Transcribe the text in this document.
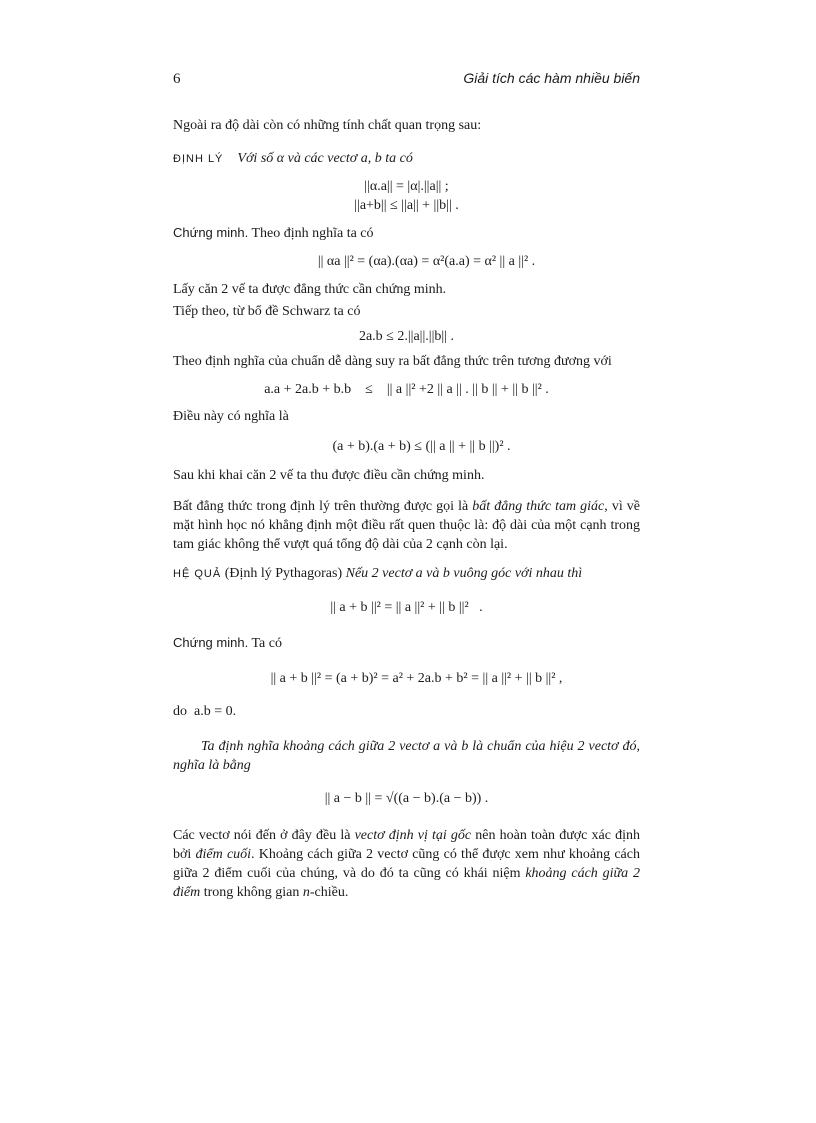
6	Giải tích các hàm nhiều biến

Ngoài ra độ dài còn có những tính chất quan trọng sau:

ĐỊNH LÝ Với số α và các vectơ a, b ta có

||α.a|| = |α|.||a|| ;
||a+b|| ≤ ||a|| + ||b|| .

Chứng minh. Theo định nghĩa ta có

|| αa ||² = (αa).(αa) = α²(a.a) = α² || a ||² .

Lấy căn 2 vế ta được đẳng thức cần chứng minh.

Tiếp theo, từ bổ đề Schwarz ta có

2a.b ≤ 2.||a||.||b|| .

Theo định nghĩa của chuẩn dễ dàng suy ra bất đẳng thức trên tương đương với

a.a + 2a.b + b.b    ≤    || a ||² +2 || a || . || b || + || b ||² .

Điều này có nghĩa là

(a + b).(a + b) ≤ (|| a || + || b ||)² .

Sau khi khai căn 2 vế ta thu được điều cần chứng minh.

Bất đẳng thức trong định lý trên thường được gọi là bất đẳng thức tam giác, vì về mặt hình học nó khẳng định một điều rất quen thuộc là: độ dài của một cạnh trong tam giác không thể vượt quá tổng độ dài của 2 cạnh còn lại.

HỆ QUẢ (Định lý Pythagoras) Nếu 2 vectơ a và b vuông góc với nhau thì

|| a + b ||² = || a ||² + || b ||²   .

Chứng minh. Ta có

|| a + b ||² = (a + b)² = a² + 2a.b + b² = || a ||² + || b ||² ,

do  a.b = 0.

Ta định nghĩa khoảng cách giữa 2 vectơ a và b là chuẩn của hiệu 2 vectơ đó, nghĩa là bằng

|| a − b || = √((a − b).(a − b)) .

Các vectơ nói đến ở đây đều là vectơ định vị tại gốc nên hoàn toàn được xác định bởi điểm cuối. Khoảng cách giữa 2 vectơ cũng có thể được xem như khoảng cách giữa 2 điểm cuối của chúng, và do đó ta cũng có khái niệm khoảng cách giữa 2 điểm trong không gian n-chiều.
